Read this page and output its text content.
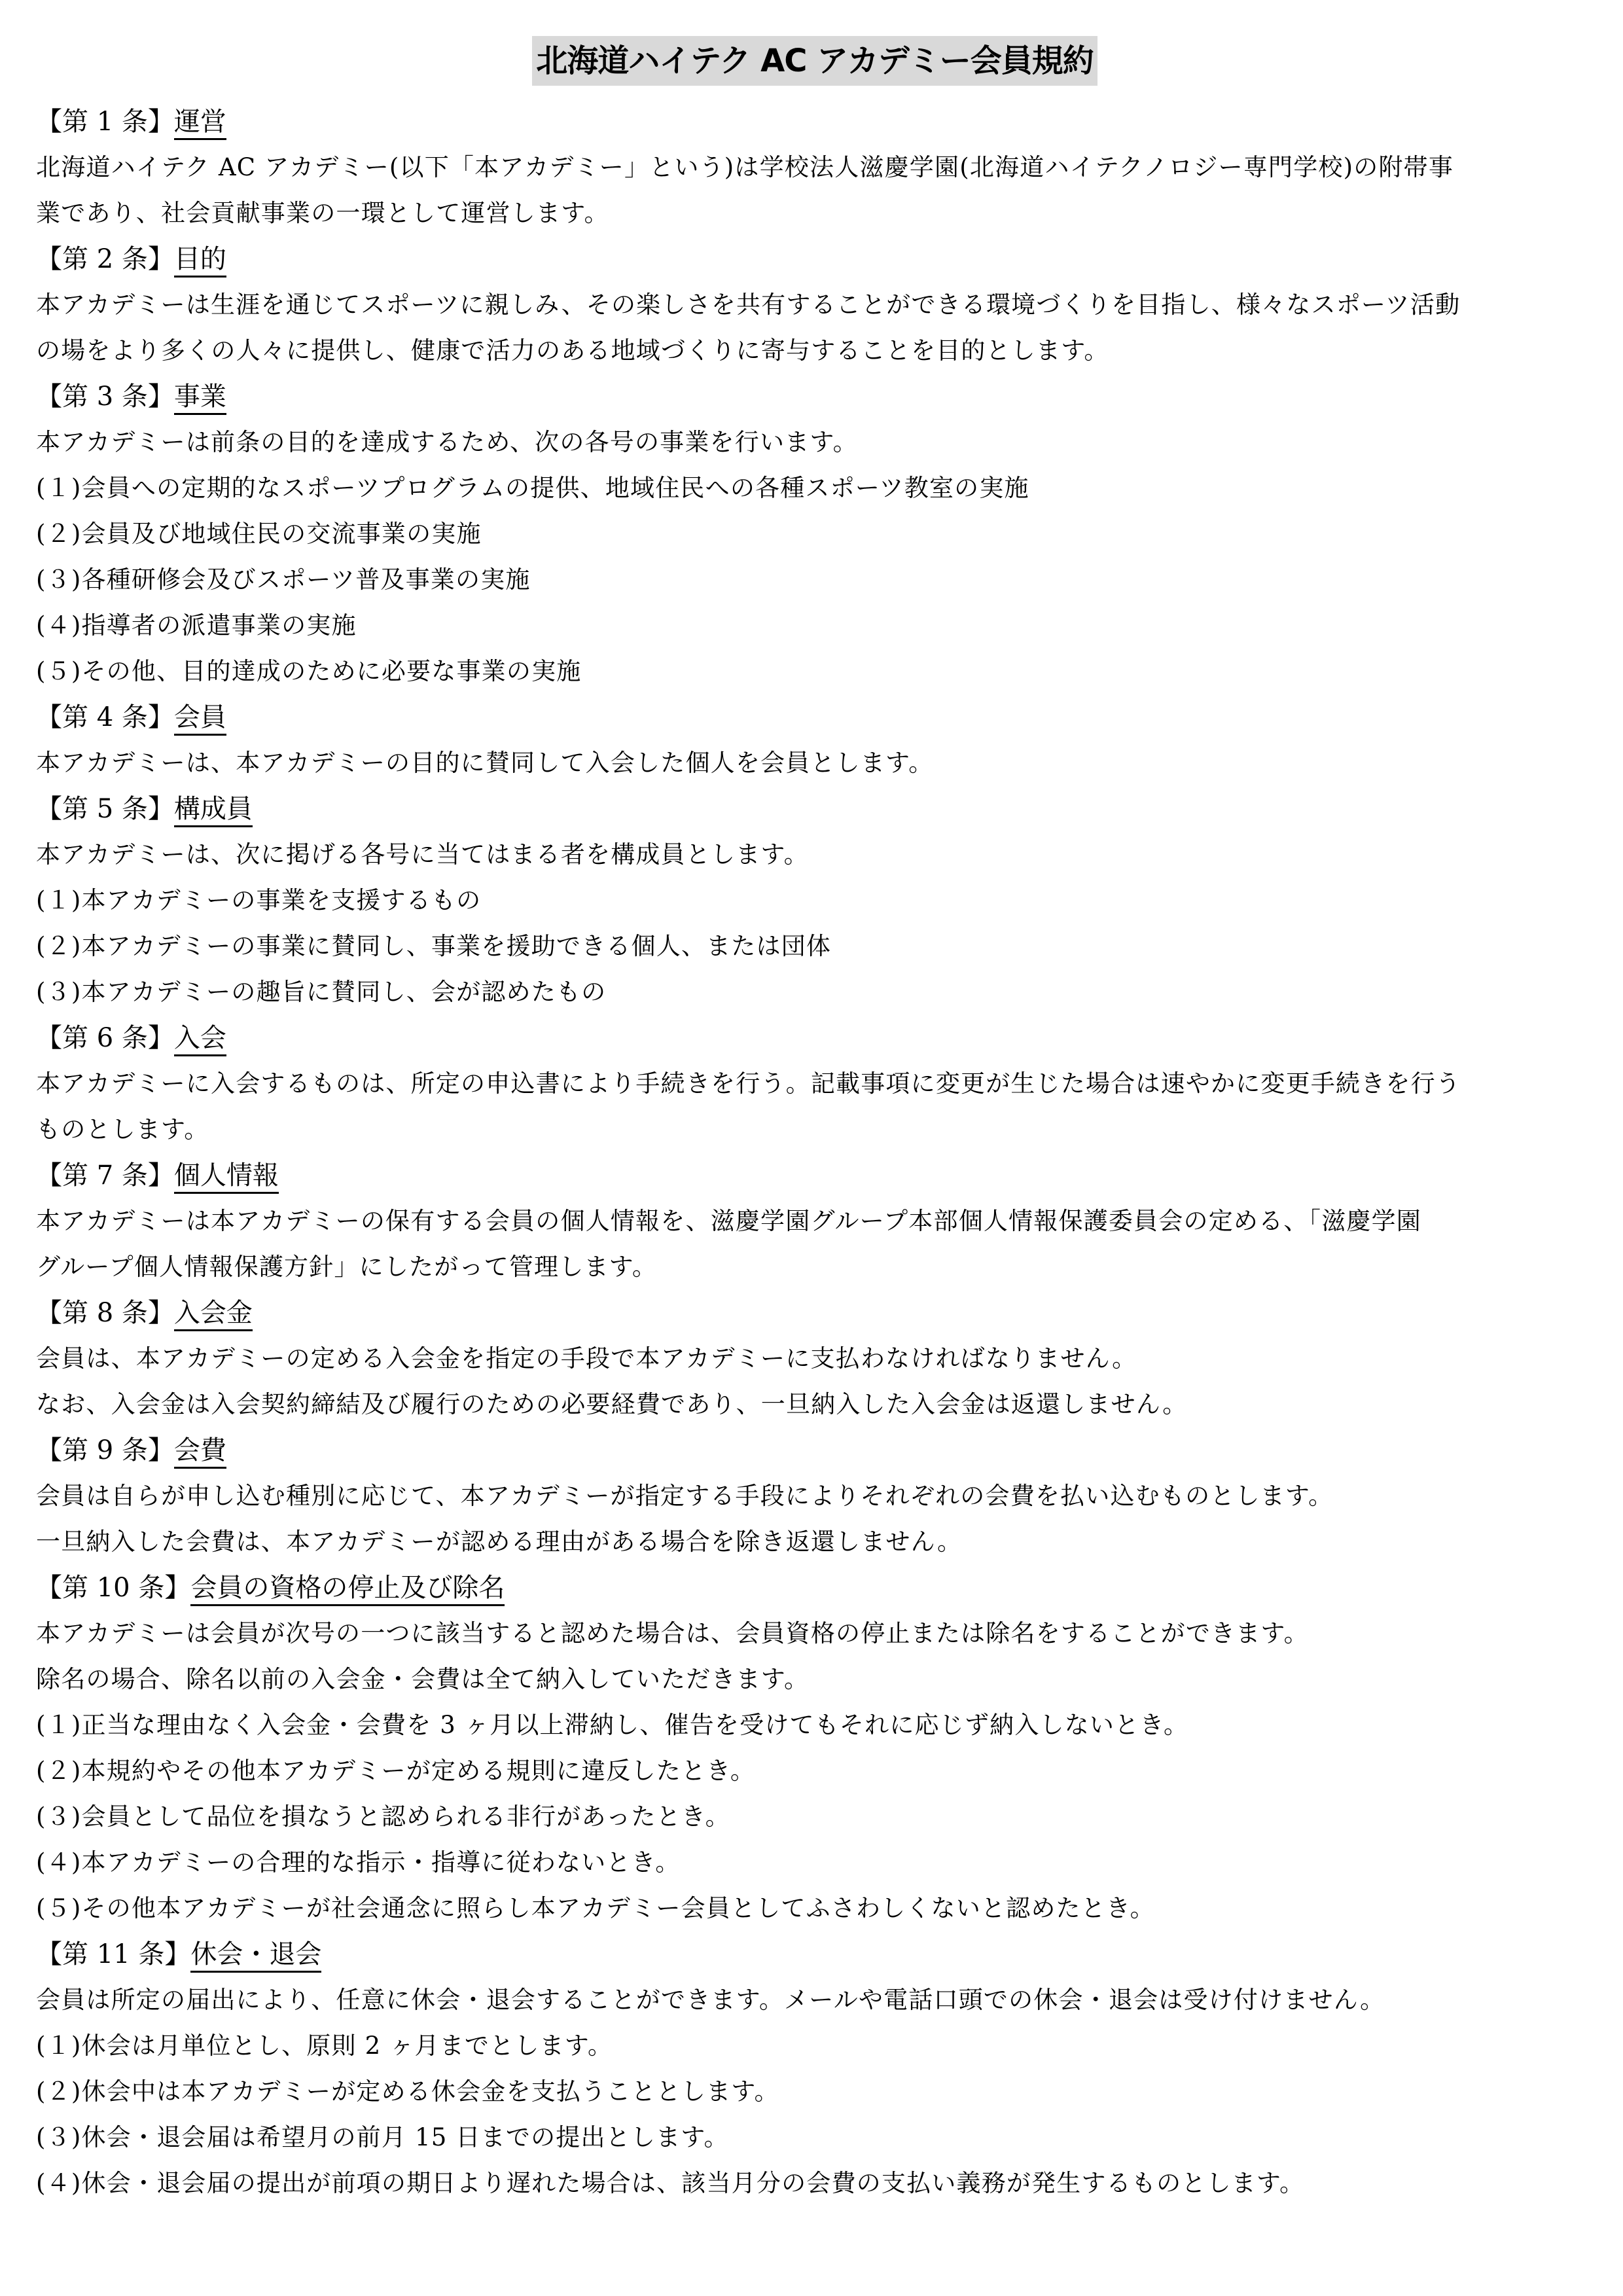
北海道ハイテク AC アカデミー会員規約
【第 1 条】運営
北海道ハイテク AC アカデミー(以下「本アカデミー」という)は学校法人滋慶学園(北海道ハイテクノロジー専門学校)の附帯事
業であり、社会貢献事業の一環として運営します。
【第 2 条】目的
本アカデミーは生涯を通じてスポーツに親しみ、その楽しさを共有することができる環境づくりを目指し、様々なスポーツ活動
の場をより多くの人々に提供し、健康で活力のある地域づくりに寄与することを目的とします。
【第 3 条】事業
本アカデミーは前条の目的を達成するため、次の各号の事業を行います。
(１)会員への定期的なスポーツプログラムの提供、地域住民への各種スポーツ教室の実施
(２)会員及び地域住民の交流事業の実施
(３)各種研修会及びスポーツ普及事業の実施
(４)指導者の派遣事業の実施
(５)その他、目的達成のために必要な事業の実施
【第 4 条】会員
本アカデミーは、本アカデミーの目的に賛同して入会した個人を会員とします。
【第 5 条】構成員
本アカデミーは、次に掲げる各号に当てはまる者を構成員とします。
(１)本アカデミーの事業を支援するもの
(２)本アカデミーの事業に賛同し、事業を援助できる個人、または団体
(３)本アカデミーの趣旨に賛同し、会が認めたもの
【第 6 条】入会
本アカデミーに入会するものは、所定の申込書により手続きを行う。記載事項に変更が生じた場合は速やかに変更手続きを行う
ものとします。
【第 7 条】個人情報
本アカデミーは本アカデミーの保有する会員の個人情報を、滋慶学園グループ本部個人情報保護委員会の定める、「滋慶学園
グループ個人情報保護方針」にしたがって管理します。
【第 8 条】入会金
会員は、本アカデミーの定める入会金を指定の手段で本アカデミーに支払わなければなりません。
なお、入会金は入会契約締結及び履行のための必要経費であり、一旦納入した入会金は返還しません。
【第 9 条】会費
会員は自らが申し込む種別に応じて、本アカデミーが指定する手段によりそれぞれの会費を払い込むものとします。
一旦納入した会費は、本アカデミーが認める理由がある場合を除き返還しません。
【第 10 条】会員の資格の停止及び除名
本アカデミーは会員が次号の一つに該当すると認めた場合は、会員資格の停止または除名をすることができます。
除名の場合、除名以前の入会金・会費は全て納入していただきます。
(１)正当な理由なく入会金・会費を 3 ヶ月以上滞納し、催告を受けてもそれに応じず納入しないとき。
(２)本規約やその他本アカデミーが定める規則に違反したとき。
(３)会員として品位を損なうと認められる非行があったとき。
(４)本アカデミーの合理的な指示・指導に従わないとき。
(５)その他本アカデミーが社会通念に照らし本アカデミー会員としてふさわしくないと認めたとき。
【第 11 条】休会・退会
会員は所定の届出により、任意に休会・退会することができます。メールや電話口頭での休会・退会は受け付けません。
(１)休会は月単位とし、原則 2 ヶ月までとします。
(２)休会中は本アカデミーが定める休会金を支払うこととします。
(３)休会・退会届は希望月の前月 15 日までの提出とします。
(４)休会・退会届の提出が前項の期日より遅れた場合は、該当月分の会費の支払い義務が発生するものとします。
